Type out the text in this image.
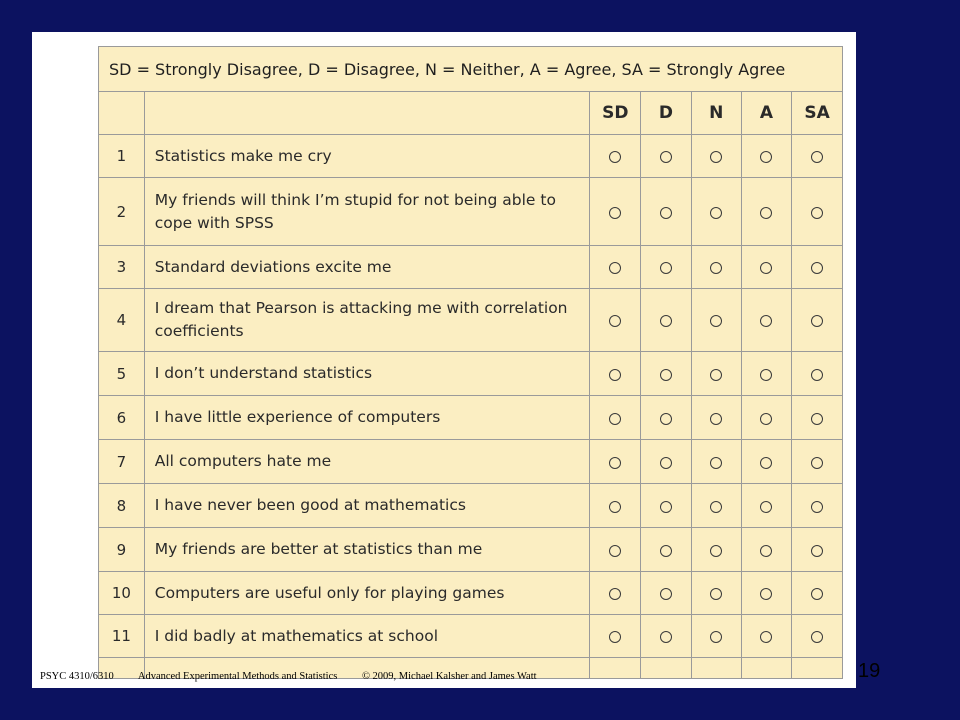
SD = Strongly Disagree, D = Disagree, N = Neither, A = Agree, SA = Strongly Agree						
		SD	D	N	A	SA
1	Statistics make me cry					
2	My friends will think I’m stupid for not being able to cope with SPSS					
3	Standard deviations excite me					
4	I dream that Pearson is attacking me with correlation coefficients					
5	I don’t understand statistics					
6	I have little experience of computers					
7	All computers hate me					
8	I have never been good at mathematics					
9	My friends are better at statistics than me					
10	Computers are useful only for playing games					
11	I did badly at mathematics at school					

PSYC 4310/6310 Advanced Experimental Methods and Statistics © 2009, Michael Kalsher and James Watt	19
